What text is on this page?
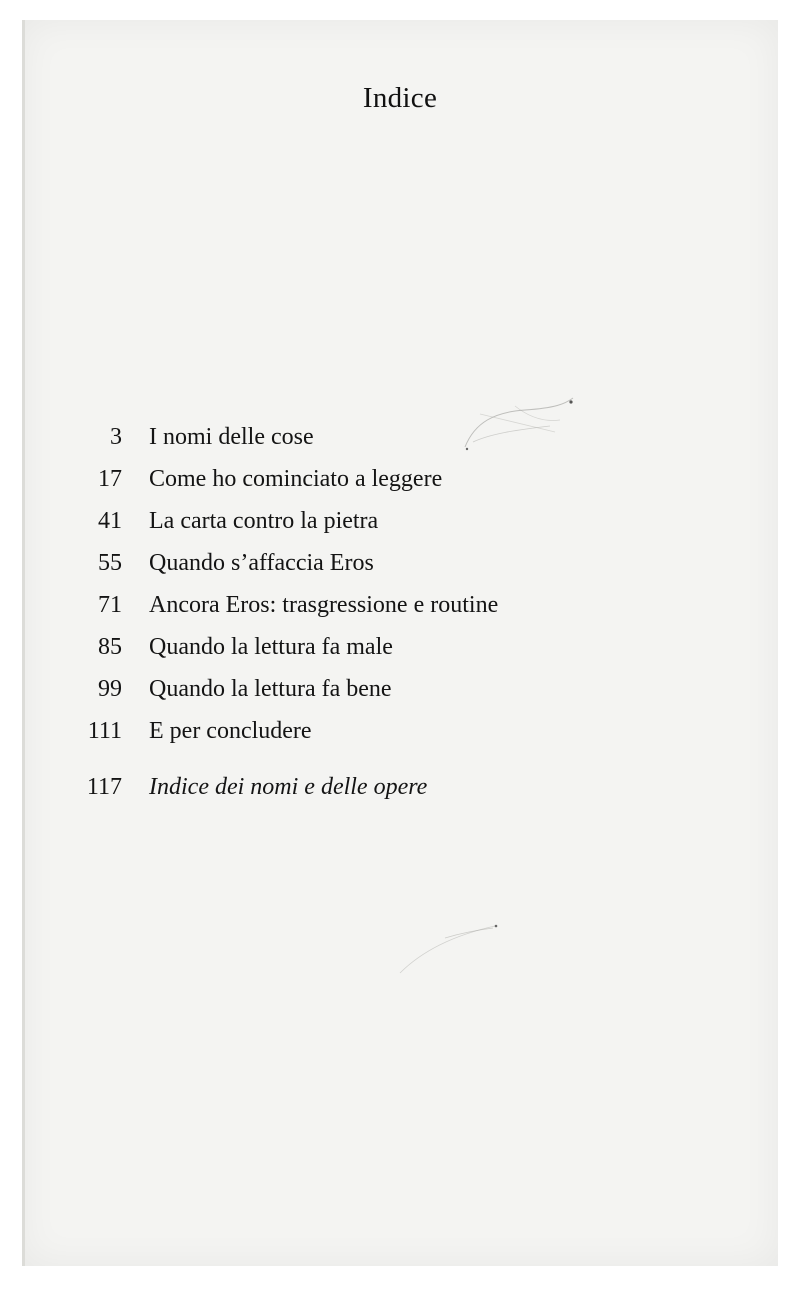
Indice
3 I nomi delle cose
17 Come ho cominciato a leggere
41 La carta contro la pietra
55 Quando s’affaccia Eros
71 Ancora Eros: trasgressione e routine
85 Quando la lettura fa male
99 Quando la lettura fa bene
111 E per concludere
117 Indice dei nomi e delle opere
